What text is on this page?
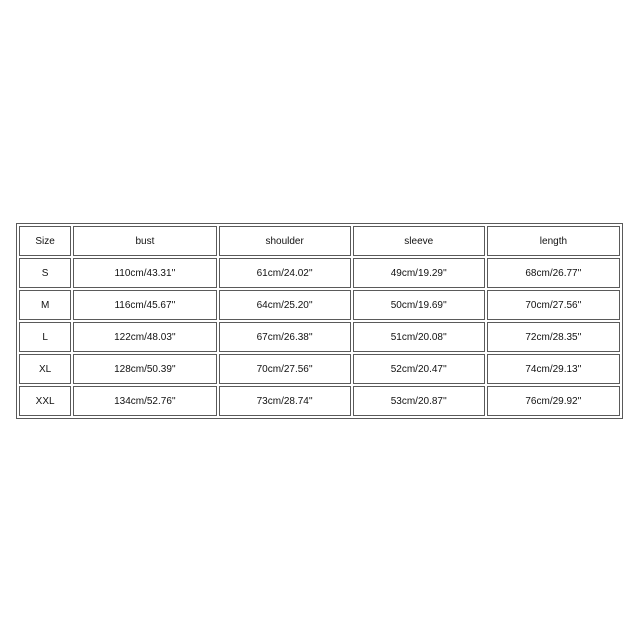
Size	bust	shoulder	sleeve	length
S	110cm/43.31''	61cm/24.02''	49cm/19.29''	68cm/26.77''
M	116cm/45.67''	64cm/25.20''	50cm/19.69''	70cm/27.56''
L	122cm/48.03''	67cm/26.38''	51cm/20.08''	72cm/28.35''
XL	128cm/50.39''	70cm/27.56''	52cm/20.47''	74cm/29.13''
XXL	134cm/52.76''	73cm/28.74''	53cm/20.87''	76cm/29.92''
